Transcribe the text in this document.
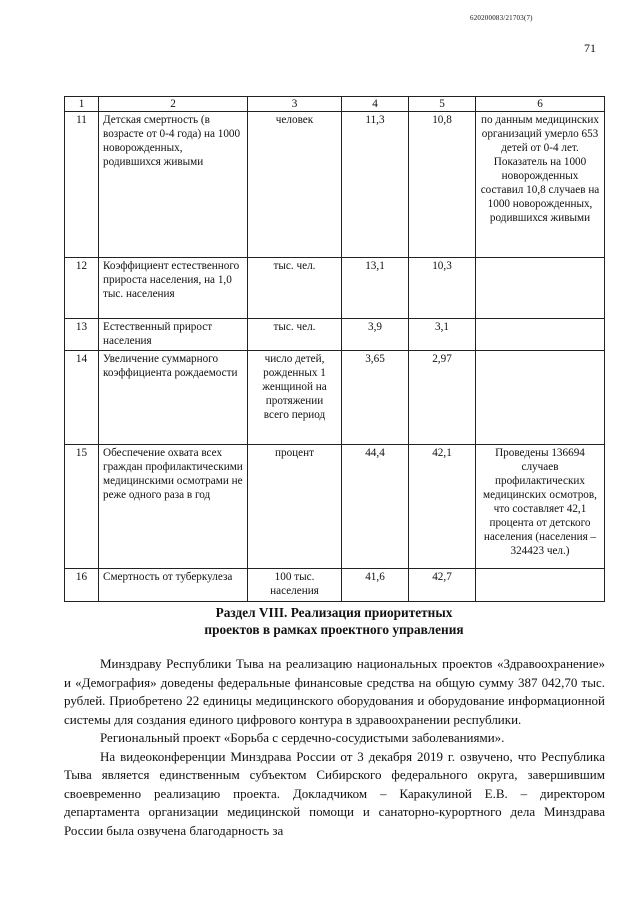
620200083/21703(7)
71
1	2	3	4	5	6
11	Детская смертность (в возрасте от 0-4 года) на 1000 новорожденных, родившихся живыми	человек	11,3	10,8	по данным медицинских организаций умерло 653 детей от 0-4 лет. Показатель на 1000 новорожденных составил 10,8 случаев на 1000 новорожденных, родившихся живыми
12	Коэффициент естественного прироста населения, на 1,0 тыс. населения	тыс. чел.	13,1	10,3	
13	Естественный прирост населения	тыс. чел.	3,9	3,1	
14	Увеличение суммарного коэффициента рождаемости	число детей, рожденных 1 женщиной на протяжении всего период	3,65	2,97	
15	Обеспечение охвата всех граждан профилактическими медицинскими осмотрами не реже одного раза в год	процент	44,4	42,1	Проведены 136694 случаев профилактических медицинских осмотров, что составляет 42,1 процента от детского населения (населения – 324423 чел.)
16	Смертность от туберкулеза	100 тыс. населения	41,6	42,7	
Раздел VIII. Реализация приоритетных
проектов в рамках проектного управления

Минздраву Республики Тыва на реализацию национальных проектов «Здравоохранение» и «Демография» доведены федеральные финансовые средства на общую сумму 387 042,70 тыс. рублей. Приобретено 22 единицы медицинского оборудования и оборудование информационной системы для создания единого цифрового контура в здравоохранении республики.

Региональный проект «Борьба с сердечно-сосудистыми заболеваниями».

На видеоконференции Минздрава России от 3 декабря 2019 г. озвучено, что Республика Тыва является единственным субъектом Сибирского федерального округа, завершившим своевременно реализацию проекта. Докладчиком – Каракулиной Е.В. – директором департамента организации медицинской помощи и санаторно-курортного дела Минздрава России была озвучена благодарность за
